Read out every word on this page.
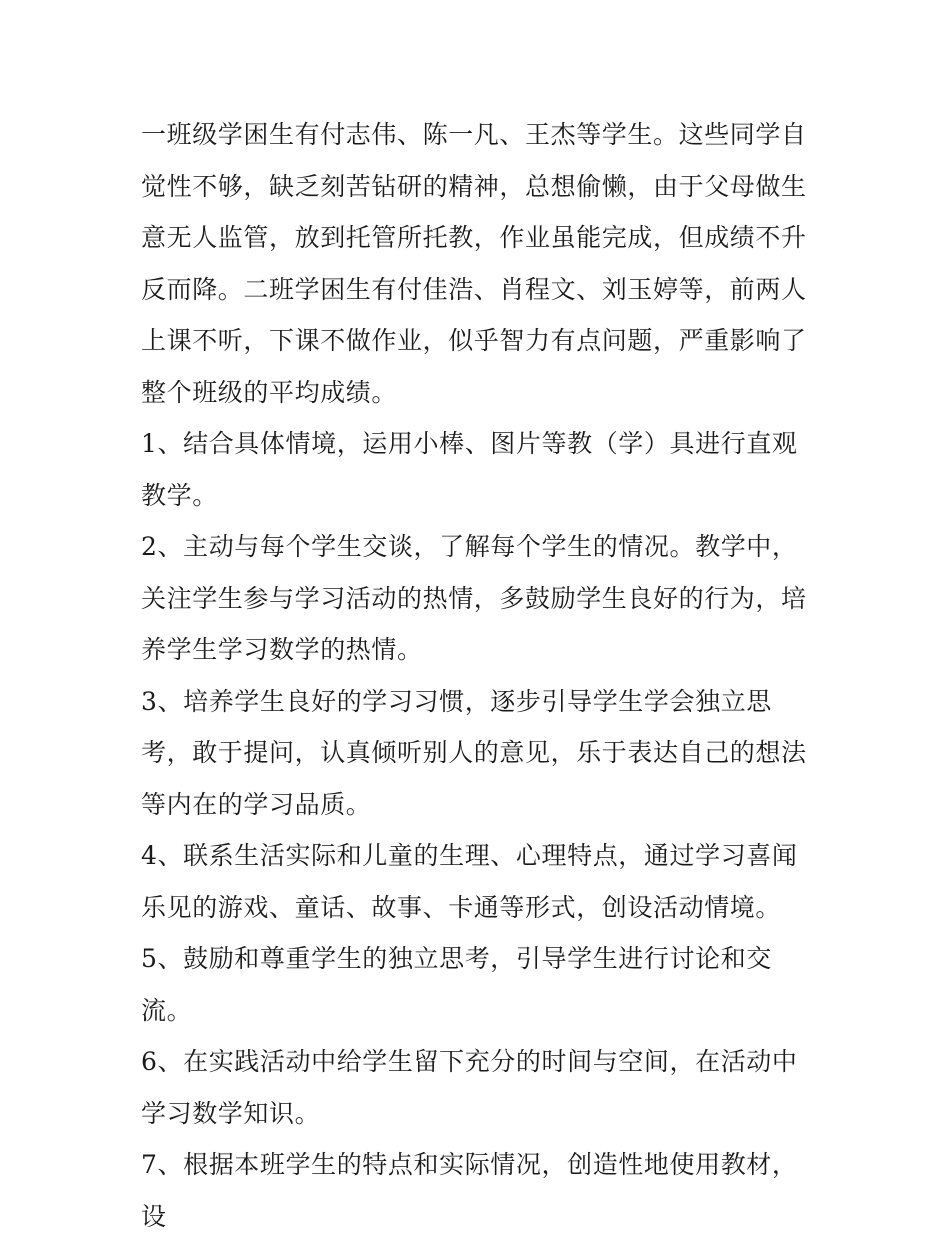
一班级学困生有付志伟、陈一凡、王杰等学生。这些同学自觉性不够，缺乏刻苦钻研的精神，总想偷懒，由于父母做生意无人监管，放到托管所托教，作业虽能完成，但成绩不升反而降。二班学困生有付佳浩、肖程文、刘玉婷等，前两人上课不听，下课不做作业，似乎智力有点问题，严重影响了整个班级的平均成绩。

1、结合具体情境，运用小棒、图片等教（学）具进行直观教学。

2、主动与每个学生交谈，了解每个学生的情况。教学中，关注学生参与学习活动的热情，多鼓励学生良好的行为，培养学生学习数学的热情。

3、培养学生良好的学习习惯，逐步引导学生学会独立思考，敢于提问，认真倾听别人的意见，乐于表达自己的想法等内在的学习品质。

4、联系生活实际和儿童的生理、心理特点，通过学习喜闻乐见的游戏、童话、故事、卡通等形式，创设活动情境。

5、鼓励和尊重学生的独立思考，引导学生进行讨论和交流。

6、在实践活动中给学生留下充分的时间与空间，在活动中学习数学知识。

7、根据本班学生的特点和实际情况，创造性地使用教材，设
